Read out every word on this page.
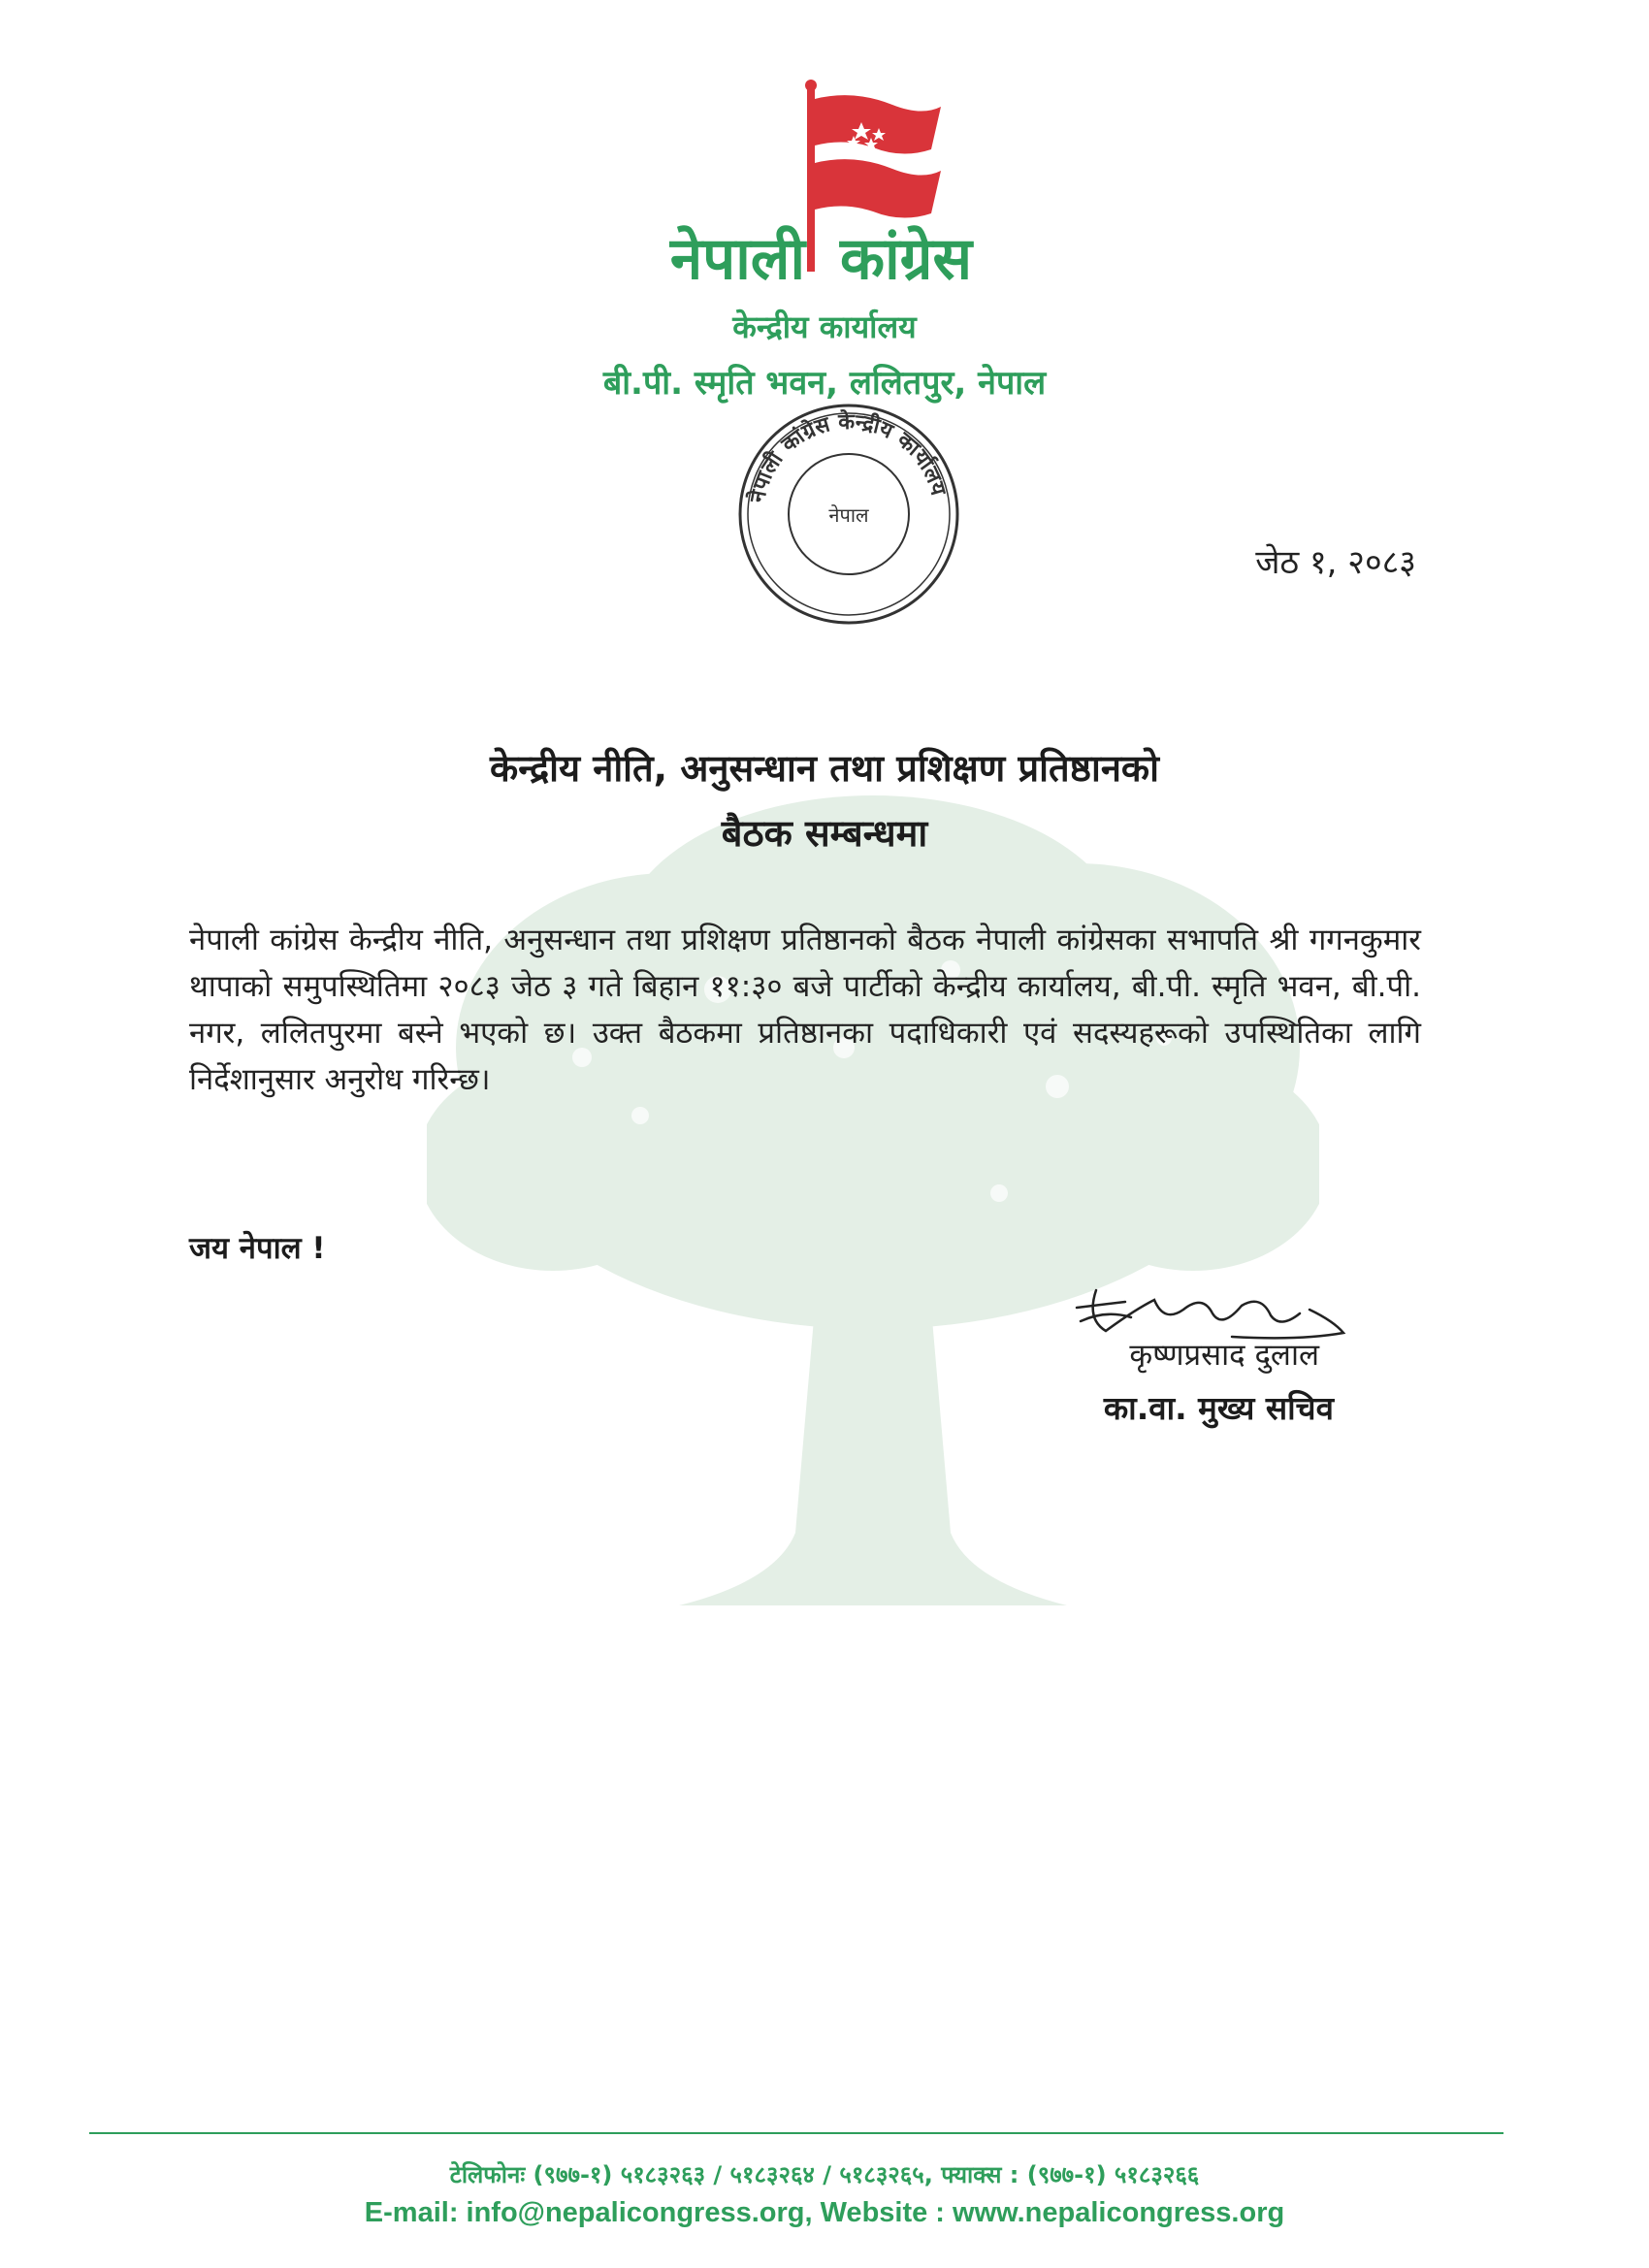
नेपाली कांग्रेस
केन्द्रीय कार्यालय
बी.पी. स्मृति भवन, ललितपुर, नेपाल
नेपाली कांग्रेस केन्द्रीय कार्यालय
नेपाल
जेठ १, २०८३
केन्द्रीय नीति, अनुसन्धान तथा प्रशिक्षण प्रतिष्ठानको
बैठक सम्बन्धमा
नेपाली कांग्रेस केन्द्रीय नीति, अनुसन्धान तथा प्रशिक्षण प्रतिष्ठानको बैठक नेपाली कांग्रेसका सभापति श्री गगनकुमार थापाको समुपस्थितिमा २०८३ जेठ ३ गते बिहान ११:३० बजे पार्टीको केन्द्रीय कार्यालय, बी.पी. स्मृति भवन, बी.पी. नगर, ललितपुरमा बस्ने भएको छ। उक्त बैठकमा प्रतिष्ठानका पदाधिकारी एवं सदस्यहरूको उपस्थितिका लागि निर्देशानुसार अनुरोध गरिन्छ।
जय नेपाल !
कृष्णप्रसाद दुलाल
का.वा. मुख्य सचिव
टेलिफोनः (९७७-१) ५१८३२६३ / ५१८३२६४ / ५१८३२६५, फ्याक्स : (९७७-१) ५१८३२६६
E-mail: info@nepalicongress.org, Website : www.nepalicongress.org
